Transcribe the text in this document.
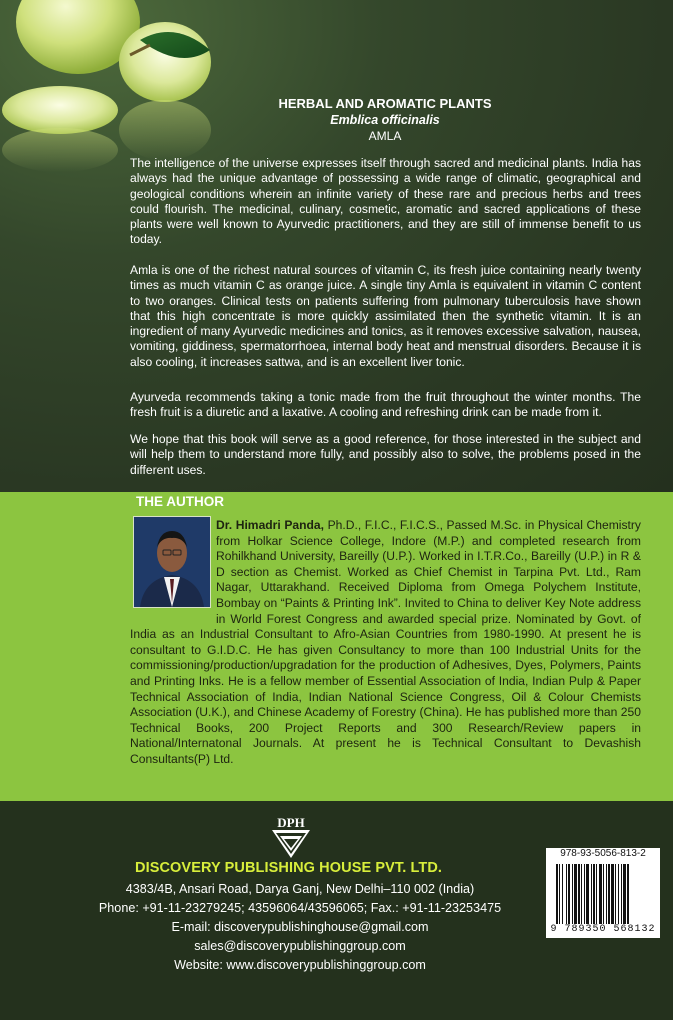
HERBAL AND AROMATIC PLANTS
Emblica officinalis
AMLA
The intelligence of the universe expresses itself through sacred and medicinal plants. India has always had the unique advantage of possessing a wide range of climatic, geographical and geological conditions wherein an infinite variety of these rare and precious herbs and trees could flourish. The medicinal, culinary, cosmetic, aromatic and sacred applications of these plants were well known to Ayurvedic practitioners, and they are still of immense benefit to us today.
Amla is one of the richest natural sources of vitamin C, its fresh juice containing nearly twenty times as much vitamin C as orange juice. A single tiny Amla is equivalent in vitamin C content to two oranges. Clinical tests on patients suffering from pulmonary tuberculosis have shown that this high concentrate is more quickly assimilated then the synthetic vitamin. It is an ingredient of many Ayurvedic medicines and tonics, as it removes excessive salvation, nausea, vomiting, giddiness, spermatorrhoea, internal body heat and menstrual disorders. Because it is also cooling, it increases sattwa, and is an excellent liver tonic.
Ayurveda recommends taking a tonic made from the fruit throughout the winter months. The fresh fruit is a diuretic and a laxative. A cooling and refreshing drink can be made from it.
We hope that this book will serve as a good reference, for those interested in the subject and will help them to understand more fully, and possibly also to solve, the problems posed in the different uses.
THE AUTHOR
Dr. Himadri Panda, Ph.D., F.I.C., F.I.C.S., Passed M.Sc. in Physical Chemistry from Holkar Science College, Indore (M.P.) and completed research from Rohilkhand University, Bareilly (U.P.). Worked in I.T.R.Co., Bareilly (U.P.) in R & D section as Chemist. Worked as Chief Chemist in Tarpina Pvt. Ltd., Ram Nagar, Uttarakhand. Received Diploma from Omega Polychem Institute, Bombay on “Paints & Printing Ink”. Invited to China to deliver Key Note address in World Forest Congress and awarded special prize. Nominated by Govt. of India as an Industrial Consultant to Afro-Asian Countries from 1980-1990. At present he is consultant to G.I.D.C. He has given Consultancy to more than 100 Industrial Units for the commissioning/production/upgradation for the production of Adhesives, Dyes, Polymers, Paints and Printing Inks. He is a fellow member of Essential Association of India, Indian Pulp & Paper Technical Association of India, Indian National Science Congress, Oil & Colour Chemists Association (U.K.), and Chinese Academy of Forestry (China). He has published more than 250 Technical Books, 200 Project Reports and 300 Research/Review papers in National/Internatonal Journals. At present he is Technical Consultant to Devashish Consultants(P) Ltd.
DPH
DISCOVERY PUBLISHING HOUSE PVT. LTD.
4383/4B, Ansari Road, Darya Ganj, New Delhi–110 002 (India)
Phone: +91-11-23279245; 43596064/43596065; Fax.: +91-11-23253475
E-mail: discoverypublishinghouse@gmail.com
sales@discoverypublishinggroup.com
Website: www.discoverypublishinggroup.com
978-93-5056-813-2
9 789350 568132
